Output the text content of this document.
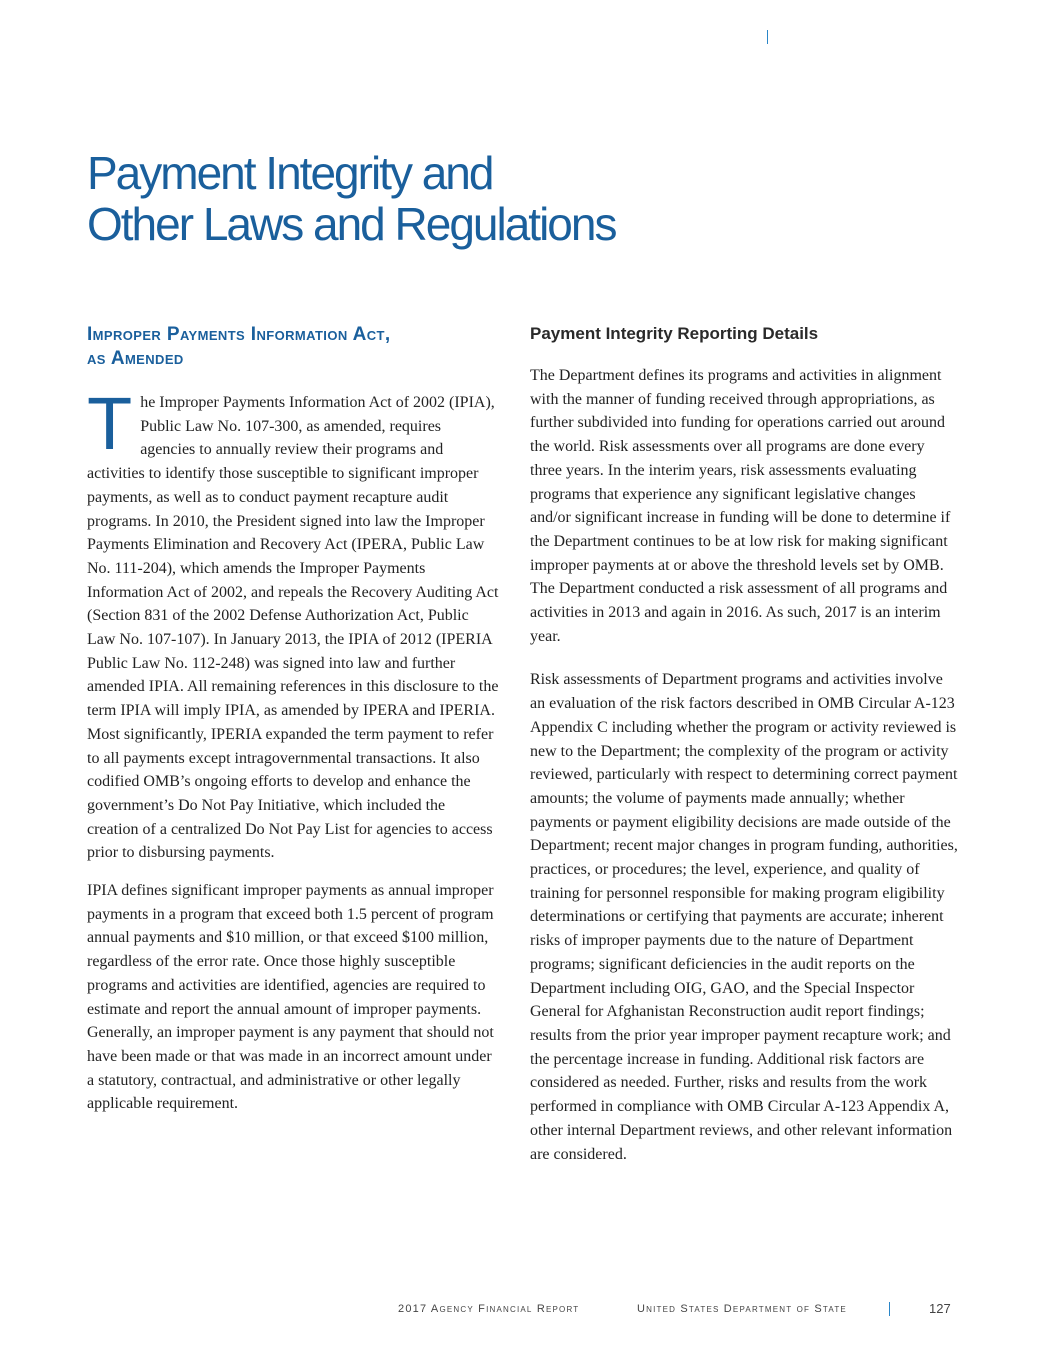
Payment Integrity and
Other Laws and Regulations
Improper Payments Information Act,
as Amended

The Improper Payments Information Act of 2002 (IPIA), Public Law No. 107-300, as amended, requires agencies to annually review their programs and activities to identify those susceptible to significant improper payments, as well as to conduct payment recapture audit programs. In 2010, the President signed into law the Improper Payments Elimination and Recovery Act (IPERA, Public Law No. 111-204), which amends the Improper Payments Information Act of 2002, and repeals the Recovery Auditing Act (Section 831 of the 2002 Defense Authorization Act, Public Law No. 107-107). In January 2013, the IPIA of 2012 (IPERIA Public Law No. 112-248) was signed into law and further amended IPIA. All remaining references in this disclosure to the term IPIA will imply IPIA, as amended by IPERA and IPERIA. Most significantly, IPERIA expanded the term payment to refer to all payments except intragovernmental transactions. It also codified OMB’s ongoing efforts to develop and enhance the government’s Do Not Pay Initiative, which included the creation of a centralized Do Not Pay List for agencies to access prior to disbursing payments.

IPIA defines significant improper payments as annual improper payments in a program that exceed both 1.5 percent of program annual payments and $10 million, or that exceed $100 million, regardless of the error rate. Once those highly susceptible programs and activities are identified, agencies are required to estimate and report the annual amount of improper payments. Generally, an improper payment is any payment that should not have been made or that was made in an incorrect amount under a statutory, contractual, and administrative or other legally applicable requirement.

Payment Integrity Reporting Details

The Department defines its programs and activities in alignment with the manner of funding received through appropriations, as further subdivided into funding for operations carried out around the world. Risk assessments over all programs are done every three years. In the interim years, risk assessments evaluating programs that experience any significant legislative changes and/or significant increase in funding will be done to determine if the Department continues to be at low risk for making significant improper payments at or above the threshold levels set by OMB. The Department conducted a risk assessment of all programs and activities in 2013 and again in 2016. As such, 2017 is an interim year.

Risk assessments of Department programs and activities involve an evaluation of the risk factors described in OMB Circular A-123 Appendix C including whether the program or activity reviewed is new to the Department; the complexity of the program or activity reviewed, particularly with respect to determining correct payment amounts; the volume of payments made annually; whether payments or payment eligibility decisions are made outside of the Department; recent major changes in program funding, authorities, practices, or procedures; the level, experience, and quality of training for personnel responsible for making program eligibility determinations or certifying that payments are accurate; inherent risks of improper payments due to the nature of Department programs; significant deficiencies in the audit reports on the Department including OIG, GAO, and the Special Inspector General for Afghanistan Reconstruction audit report findings; results from the prior year improper payment recapture work; and the percentage increase in funding. Additional risk factors are considered as needed. Further, risks and results from the work performed in compliance with OMB Circular A-123 Appendix A, other internal Department reviews, and other relevant information are considered.

2017 Agency Financial Report	United States Department of State	127
